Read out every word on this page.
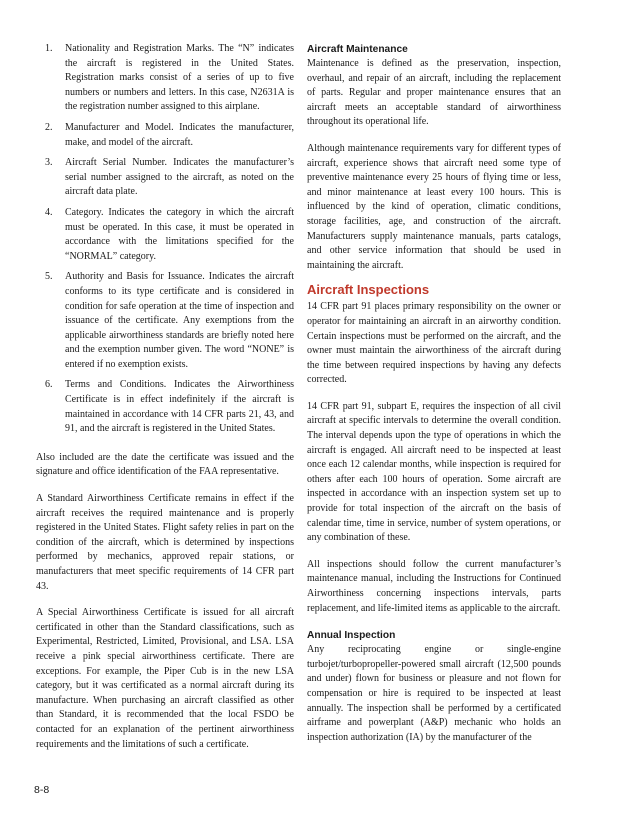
1. Nationality and Registration Marks. The “N” indicates the aircraft is registered in the United States. Registration marks consist of a series of up to five numbers or numbers and letters. In this case, N2631A is the registration number assigned to this airplane.
2. Manufacturer and Model. Indicates the manufacturer, make, and model of the aircraft.
3. Aircraft Serial Number. Indicates the manufacturer’s serial number assigned to the aircraft, as noted on the aircraft data plate.
4. Category. Indicates the category in which the aircraft must be operated. In this case, it must be operated in accordance with the limitations specified for the “NORMAL” category.
5. Authority and Basis for Issuance. Indicates the aircraft conforms to its type certificate and is considered in condition for safe operation at the time of inspection and issuance of the certificate. Any exemptions from the applicable airworthiness standards are briefly noted here and the exemption number given. The word “NONE” is entered if no exemption exists.
6. Terms and Conditions. Indicates the Airworthiness Certificate is in effect indefinitely if the aircraft is maintained in accordance with 14 CFR parts 21, 43, and 91, and the aircraft is registered in the United States.

Also included are the date the certificate was issued and the signature and office identification of the FAA representative.

A Standard Airworthiness Certificate remains in effect if the aircraft receives the required maintenance and is properly registered in the United States. Flight safety relies in part on the condition of the aircraft, which is determined by inspections performed by mechanics, approved repair stations, or manufacturers that meet specific requirements of 14 CFR part 43.

A Special Airworthiness Certificate is issued for all aircraft certificated in other than the Standard classifications, such as Experimental, Restricted, Limited, Provisional, and LSA. LSA receive a pink special airworthiness certificate. There are exceptions. For example, the Piper Cub is in the new LSA category, but it was certificated as a normal aircraft during its manufacture. When purchasing an aircraft classified as other than Standard, it is recommended that the local FSDO be contacted for an explanation of the pertinent airworthiness requirements and the limitations of such a certificate.

Aircraft Maintenance

Maintenance is defined as the preservation, inspection, overhaul, and repair of an aircraft, including the replacement of parts. Regular and proper maintenance ensures that an aircraft meets an acceptable standard of airworthiness throughout its operational life.

Although maintenance requirements vary for different types of aircraft, experience shows that aircraft need some type of preventive maintenance every 25 hours of flying time or less, and minor maintenance at least every 100 hours. This is influenced by the kind of operation, climatic conditions, storage facilities, age, and construction of the aircraft. Manufacturers supply maintenance manuals, parts catalogs, and other service information that should be used in maintaining the aircraft.

Aircraft Inspections

14 CFR part 91 places primary responsibility on the owner or operator for maintaining an aircraft in an airworthy condition. Certain inspections must be performed on the aircraft, and the owner must maintain the airworthiness of the aircraft during the time between required inspections by having any defects corrected.

14 CFR part 91, subpart E, requires the inspection of all civil aircraft at specific intervals to determine the overall condition. The interval depends upon the type of operations in which the aircraft is engaged. All aircraft need to be inspected at least once each 12 calendar months, while inspection is required for others after each 100 hours of operation. Some aircraft are inspected in accordance with an inspection system set up to provide for total inspection of the aircraft on the basis of calendar time, time in service, number of system operations, or any combination of these.

All inspections should follow the current manufacturer’s maintenance manual, including the Instructions for Continued Airworthiness concerning inspections intervals, parts replacement, and life-limited items as applicable to the aircraft.

Annual Inspection

Any reciprocating engine or single-engine turbojet/turbopropeller-powered small aircraft (12,500 pounds and under) flown for business or pleasure and not flown for compensation or hire is required to be inspected at least annually. The inspection shall be performed by a certificated airframe and powerplant (A&P) mechanic who holds an inspection authorization (IA) by the manufacturer of the

8-8
